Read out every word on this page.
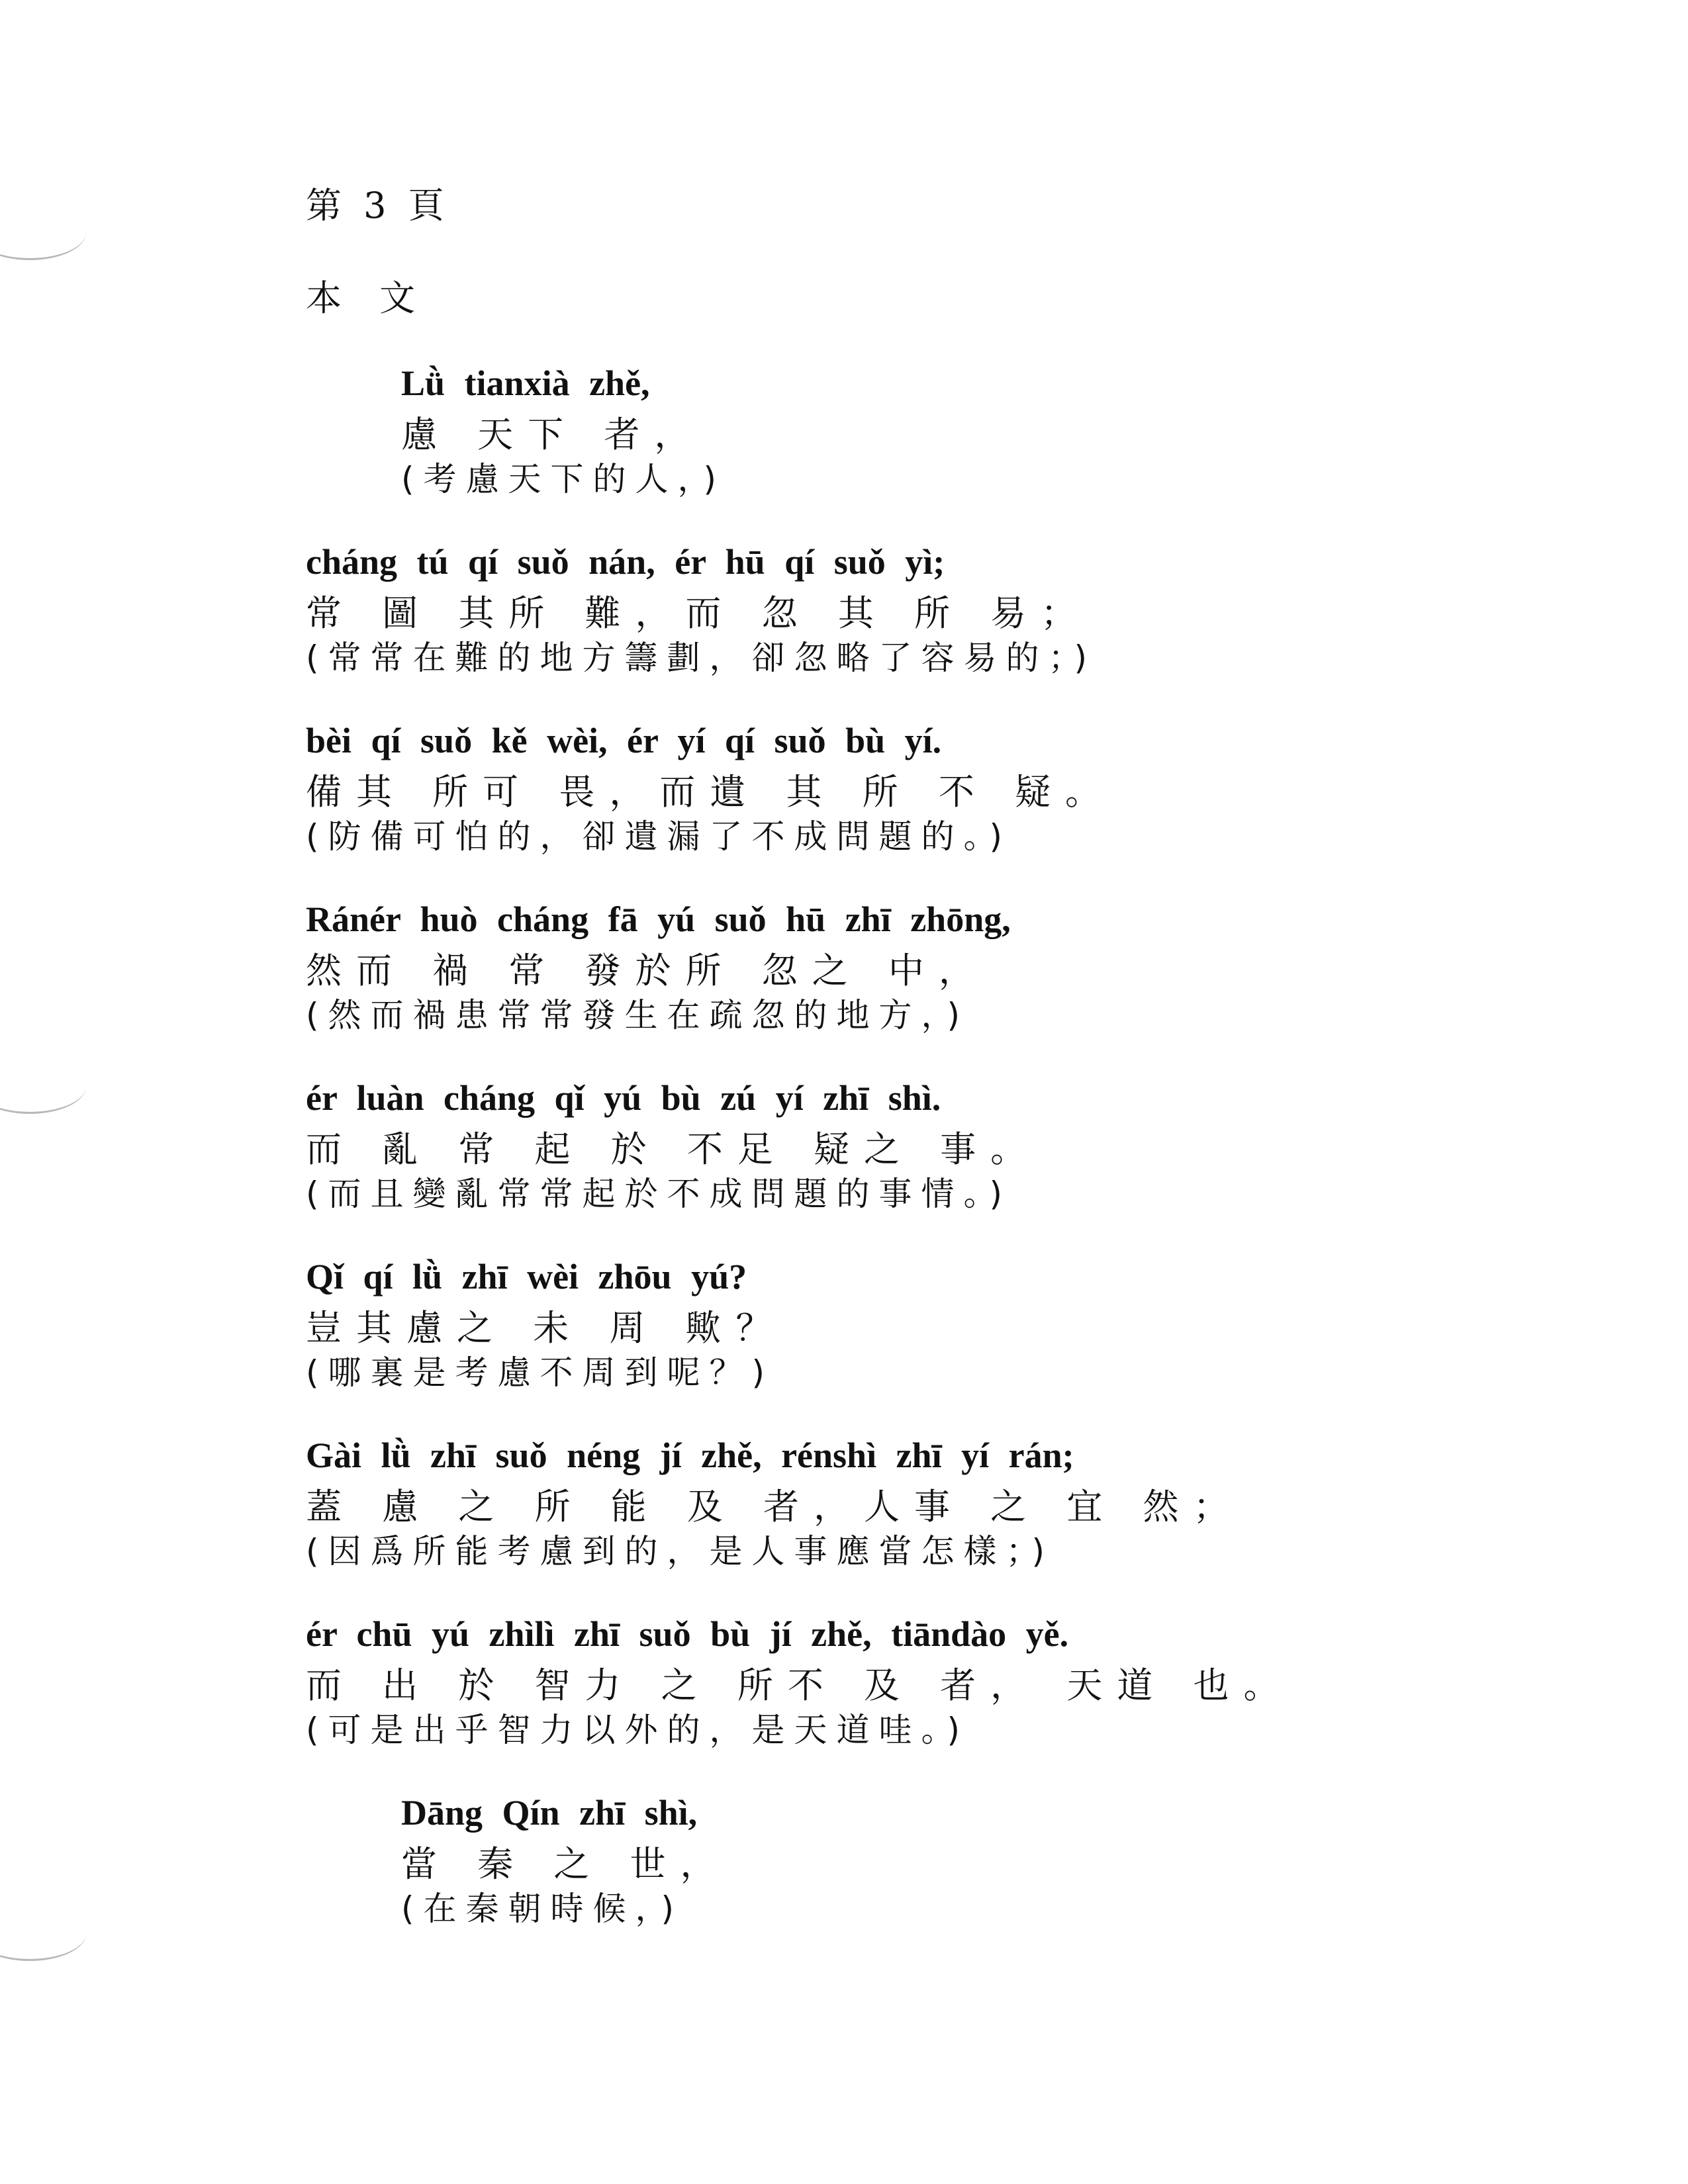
第 3 頁
本 文

Lǜ tianxià zhě,

慮 天下 者，

(考慮天下的人，)

cháng tú qí suǒ nán, ér hū qí suǒ yì;

常 圖 其所 難，而 忽 其 所 易；

(常常在難的地方籌劃，卻忽略了容易的；)

bèi qí suǒ kě wèi, ér yí qí suǒ bù yí.

備其 所可 畏，而遺 其 所 不 疑。

(防備可怕的，卻遺漏了不成問題的。)

Ránér huò cháng fā yú suǒ hū zhī zhōng,

然而 禍 常 發於所 忽之 中，

(然而禍患常常發生在疏忽的地方，)

ér luàn cháng qǐ yú bù zú yí zhī shì.

而 亂 常 起 於 不足 疑之 事。

(而且變亂常常起於不成問題的事情。)

Qǐ qí lǜ zhī wèi zhōu yú?

豈其慮之 未 周 歟？

(哪裏是考慮不周到呢？)

Gài lǜ zhī suǒ néng jí zhě, rénshì zhī yí rán;

蓋 慮 之 所 能 及 者，人事 之 宜 然；

(因爲所能考慮到的，是人事應當怎樣；)

ér chū yú zhìlì zhī suǒ bù jí zhě, tiāndào yě.

而 出 於 智力 之 所不 及 者， 天道 也。

(可是出乎智力以外的，是天道哇。)

Dāng Qín zhī shì,

當 秦 之 世，

(在秦朝時候，)
